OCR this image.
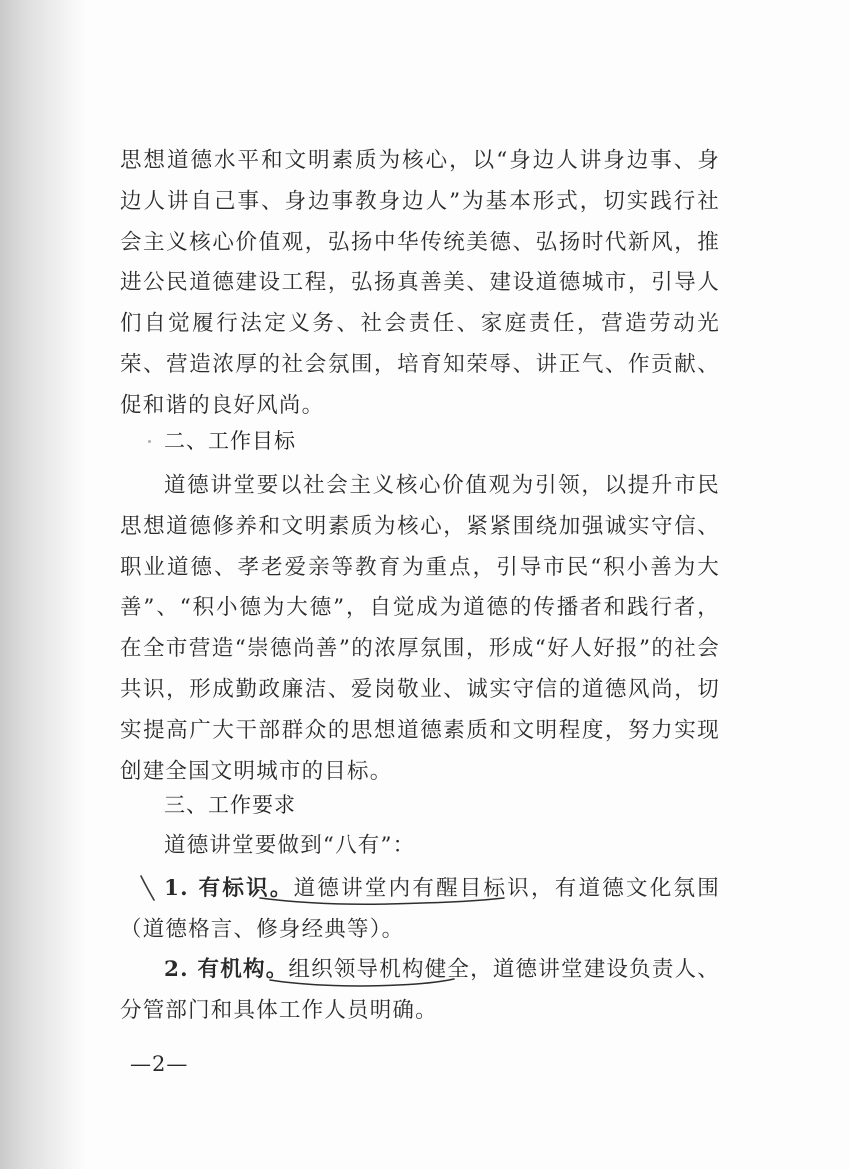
思想道德水平和文明素质为核心，以“身边人讲身边事、身边人讲自己事、身边事教身边人”为基本形式，切实践行社会主义核心价值观，弘扬中华传统美德、弘扬时代新风，推进公民道德建设工程，弘扬真善美、建设道德城市，引导人们自觉履行法定义务、社会责任、家庭责任，营造劳动光荣、营造浓厚的社会氛围，培育知荣辱、讲正气、作贡献、促和谐的良好风尚。

二、工作目标

道德讲堂要以社会主义核心价值观为引领，以提升市民思想道德修养和文明素质为核心，紧紧围绕加强诚实守信、职业道德、孝老爱亲等教育为重点，引导市民“积小善为大善”、“积小德为大德”，自觉成为道德的传播者和践行者，在全市营造“崇德尚善”的浓厚氛围，形成“好人好报”的社会共识，形成勤政廉洁、爱岗敬业、诚实守信的道德风尚，切实提高广大干部群众的思想道德素质和文明程度，努力实现创建全国文明城市的目标。

三、工作要求

道德讲堂要做到“八有”：

1. 有标识。道德讲堂内有醒目标识，有道德文化氛围（道德格言、修身经典等）。

2. 有机构。组织领导机构健全，道德讲堂建设负责人、分管部门和具体工作人员明确。

—2—
